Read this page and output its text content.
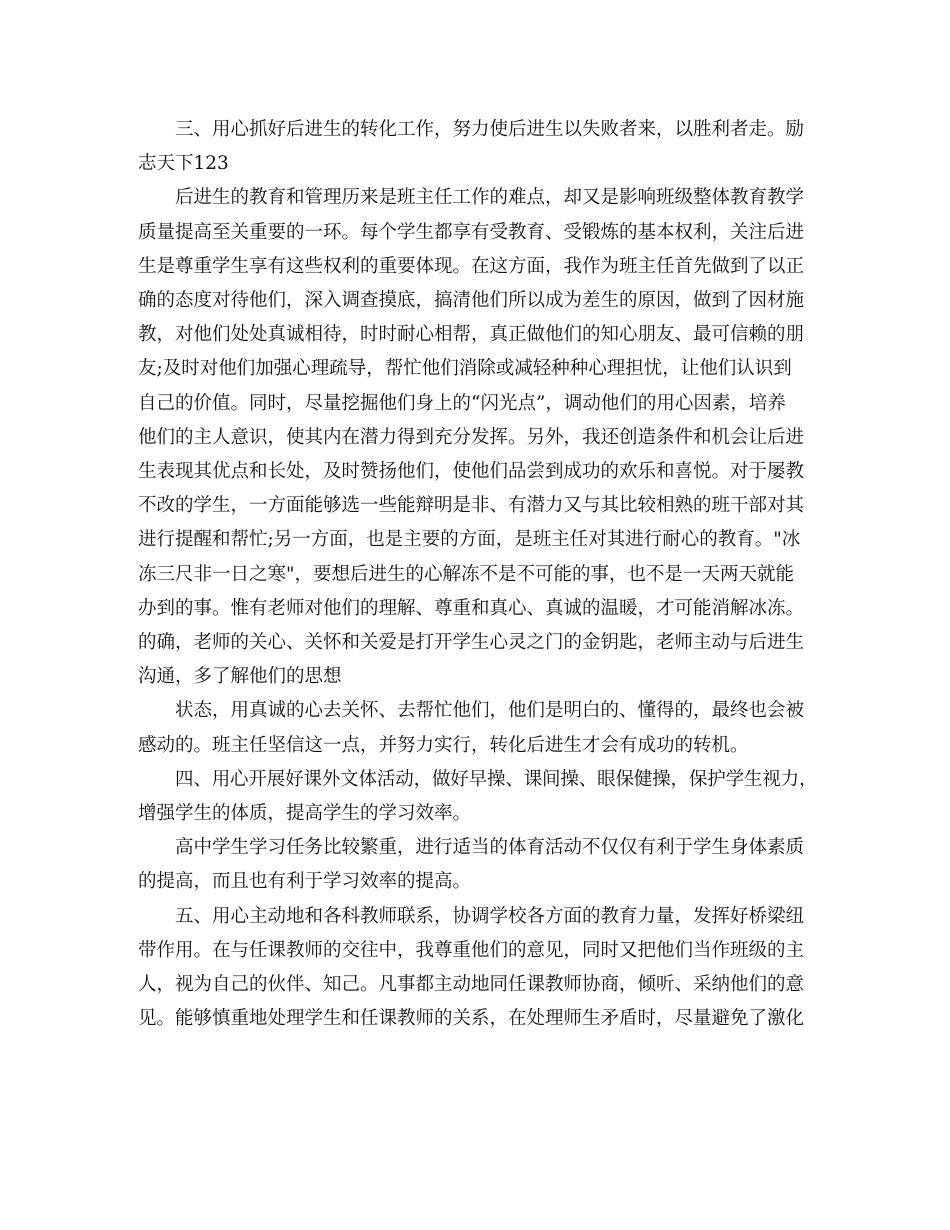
三、用心抓好后进生的转化工作，努力使后进生以失败者来，以胜利者走。励
志天下123
后进生的教育和管理历来是班主任工作的难点，却又是影响班级整体教育教学
质量提高至关重要的一环。每个学生都享有受教育、受锻炼的基本权利，关注后进
生是尊重学生享有这些权利的重要体现。在这方面，我作为班主任首先做到了以正
确的态度对待他们，深入调查摸底，搞清他们所以成为差生的原因，做到了因材施
教，对他们处处真诚相待，时时耐心相帮，真正做他们的知心朋友、最可信赖的朋
友;及时对他们加强心理疏导，帮忙他们消除或减轻种种心理担忧，让他们认识到
自己的价值。同时，尽量挖掘他们身上的“闪光点”，调动他们的用心因素，培养
他们的主人意识，使其内在潜力得到充分发挥。另外，我还创造条件和机会让后进
生表现其优点和长处，及时赞扬他们，使他们品尝到成功的欢乐和喜悦。对于屡教
不改的学生，一方面能够选一些能辩明是非、有潜力又与其比较相熟的班干部对其
进行提醒和帮忙;另一方面，也是主要的方面，是班主任对其进行耐心的教育。"冰
冻三尺非一日之寒"，要想后进生的心解冻不是不可能的事，也不是一天两天就能
办到的事。惟有老师对他们的理解、尊重和真心、真诚的温暖，才可能消解冰冻。
的确，老师的关心、关怀和关爱是打开学生心灵之门的金钥匙，老师主动与后进生
沟通，多了解他们的思想
状态，用真诚的心去关怀、去帮忙他们，他们是明白的、懂得的，最终也会被
感动的。班主任坚信这一点，并努力实行，转化后进生才会有成功的转机。
四、用心开展好课外文体活动，做好早操、课间操、眼保健操，保护学生视力，
增强学生的体质，提高学生的学习效率。
高中学生学习任务比较繁重，进行适当的体育活动不仅仅有利于学生身体素质
的提高，而且也有利于学习效率的提高。
五、用心主动地和各科教师联系，协调学校各方面的教育力量，发挥好桥梁纽
带作用。在与任课教师的交往中，我尊重他们的意见，同时又把他们当作班级的主
人，视为自己的伙伴、知己。凡事都主动地同任课教师协商，倾听、采纳他们的意
见。能够慎重地处理学生和任课教师的关系，在处理师生矛盾时，尽量避免了激化
